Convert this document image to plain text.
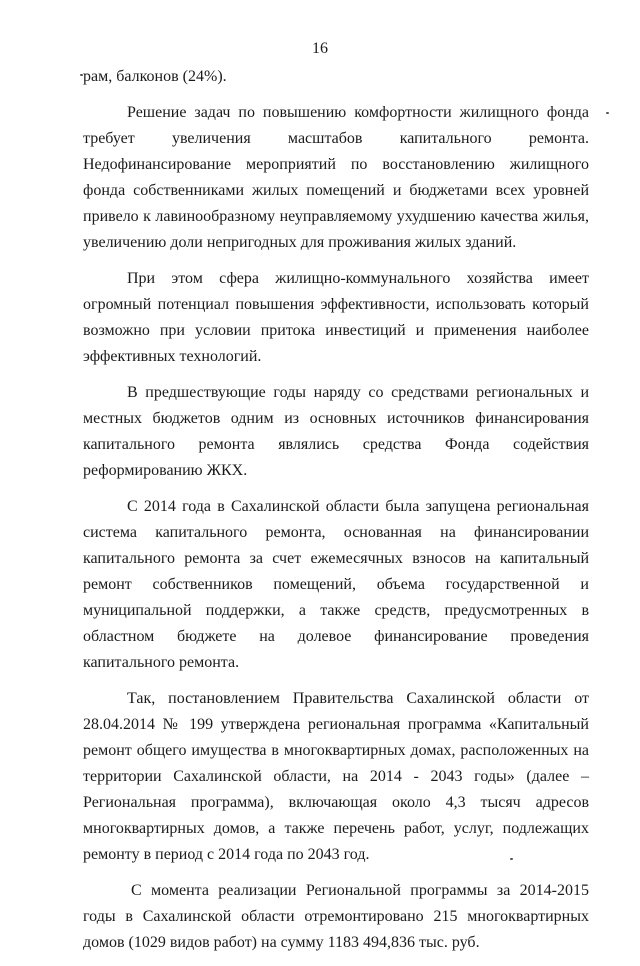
16

рам, балконов (24%).

Решение задач по повышению комфортности жилищного фонда требует увеличения масштабов капитального ремонта. Недофинансирование мероприятий по восстановлению жилищного фонда собственниками жилых помещений и бюджетами всех уровней привело к лавинообразному неуправляемому ухудшению качества жилья, увеличению доли непригодных для проживания жилых зданий.

При этом сфера жилищно-коммунального хозяйства имеет огромный потенциал повышения эффективности, использовать который возможно при условии притока инвестиций и применения наиболее эффективных технологий.

В предшествующие годы наряду со средствами региональных и местных бюджетов одним из основных источников финансирования капитального ремонта являлись средства Фонда содействия реформированию ЖКХ.

С 2014 года в Сахалинской области была запущена региональная система капитального ремонта, основанная на финансировании капитального ремонта за счет ежемесячных взносов на капитальный ремонт собственников помещений, объема государственной и муниципальной поддержки, а также средств, предусмотренных в областном бюджете на долевое финансирование проведения капитального ремонта.

Так, постановлением Правительства Сахалинской области от 28.04.2014 № 199 утверждена региональная программа «Капитальный ремонт общего имущества в многоквартирных домах, расположенных на территории Сахалинской области, на 2014 - 2043 годы» (далее – Региональная программа), включающая около 4,3 тысяч адресов многоквартирных домов, а также перечень работ, услуг, подлежащих ремонту в период с 2014 года по 2043 год.

С момента реализации Региональной программы за 2014-2015 годы в Сахалинской области отремонтировано 215 многоквартирных домов (1029 видов работ) на сумму 1183 494,836 тыс. руб.
